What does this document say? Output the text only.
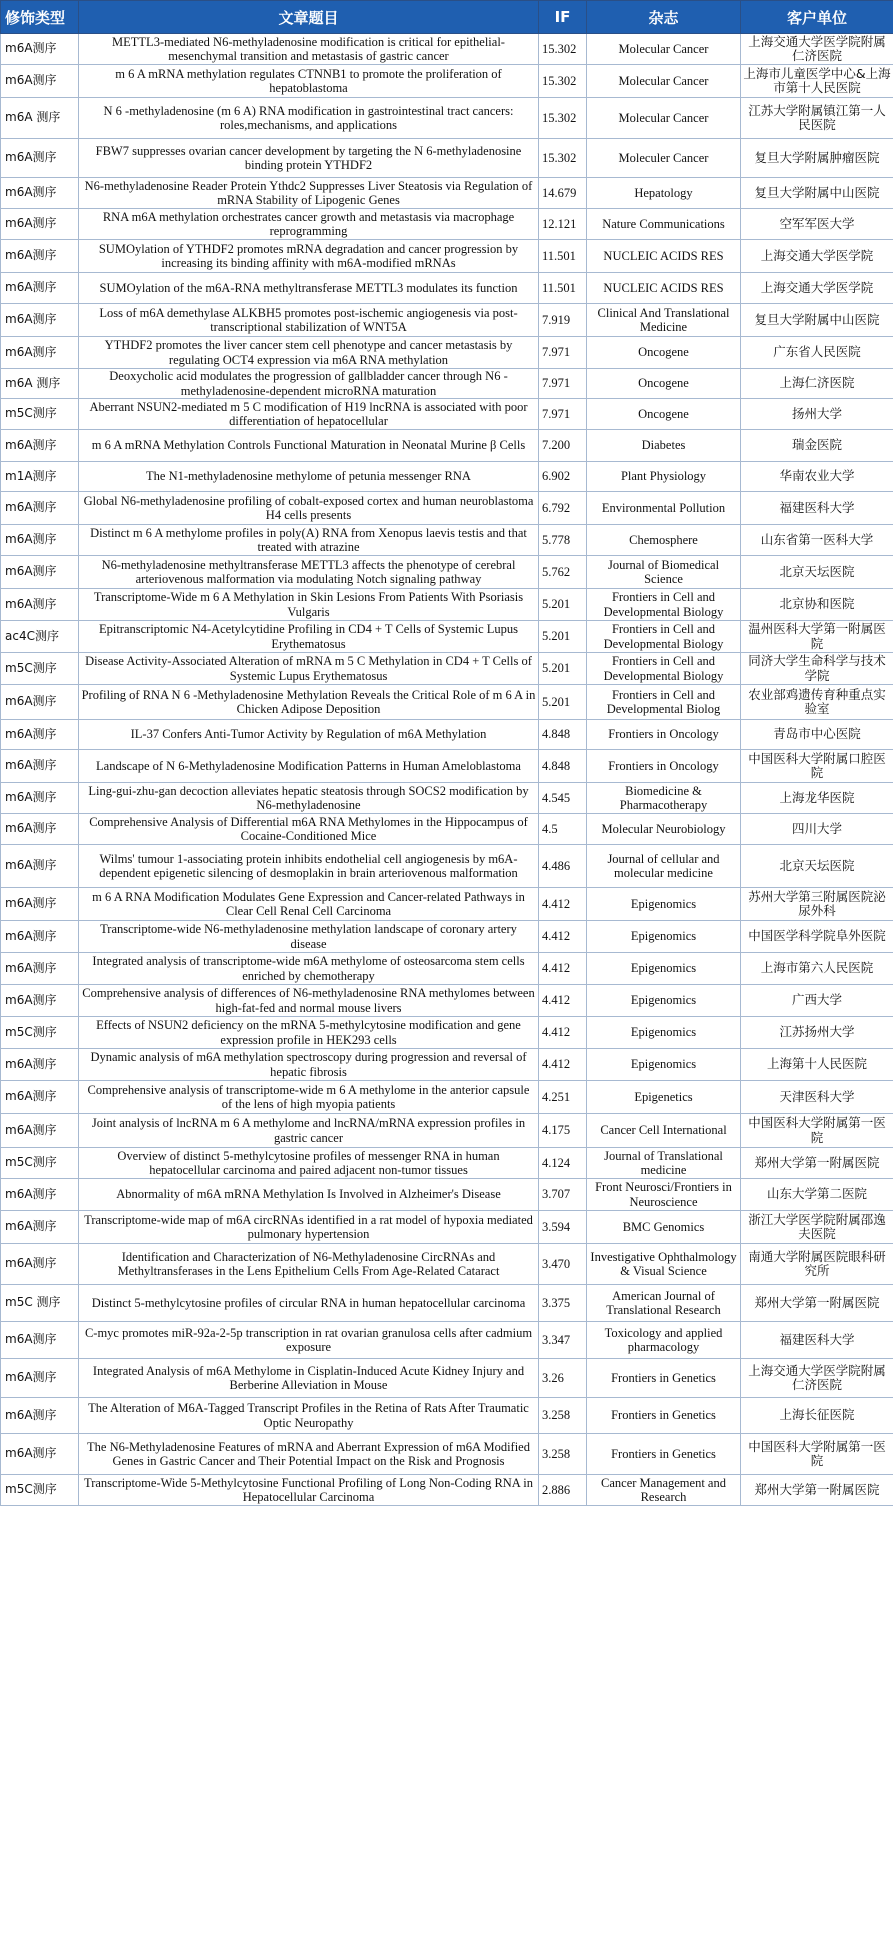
修饰类型	文章题目	IF	杂志	客户单位
m6A测序	METTL3-mediated N6-methyladenosine modification is critical for epithelial-mesenchymal transition and metastasis of gastric cancer	15.302	Molecular Cancer	上海交通大学医学院附属仁济医院
m6A测序	m 6 A mRNA methylation regulates CTNNB1 to promote the proliferation of hepatoblastoma	15.302	Molecular Cancer	上海市儿童医学中心&上海市第十人民医院
m6A 测序	N 6 -methyladenosine (m 6 A) RNA modification in gastrointestinal tract cancers: roles,mechanisms, and applications	15.302	Molecular Cancer	江苏大学附属镇江第一人民医院
m6A测序	FBW7 suppresses ovarian cancer development by targeting the N 6-methyladenosine binding protein YTHDF2	15.302	Moleculer Cancer	复旦大学附属肿瘤医院
m6A测序	N6-methyladenosine Reader Protein Ythdc2 Suppresses Liver Steatosis via Regulation of mRNA Stability of Lipogenic Genes	14.679	Hepatology	复旦大学附属中山医院
m6A测序	RNA m6A methylation orchestrates cancer growth and metastasis via macrophage reprogramming	12.121	Nature Communications	空军军医大学
m6A测序	SUMOylation of YTHDF2 promotes mRNA degradation and cancer progression by increasing its binding affinity with m6A-modified mRNAs	11.501	NUCLEIC ACIDS RES	上海交通大学医学院
m6A测序	SUMOylation of the m6A-RNA methyltransferase METTL3 modulates its function	11.501	NUCLEIC ACIDS RES	上海交通大学医学院
m6A测序	Loss of m6A demethylase ALKBH5 promotes post-ischemic angiogenesis via post-transcriptional stabilization of WNT5A	7.919	Clinical And Translational Medicine	复旦大学附属中山医院
m6A测序	YTHDF2 promotes the liver cancer stem cell phenotype and cancer metastasis by regulating OCT4 expression via m6A RNA methylation	7.971	Oncogene	广东省人民医院
m6A 测序	Deoxycholic acid modulates the progression of gallbladder cancer through N6 -methyladenosine-dependent microRNA maturation	7.971	Oncogene	上海仁济医院
m5C测序	Aberrant NSUN2-mediated m 5 C modification of H19 lncRNA is associated with poor differentiation of hepatocellular	7.971	Oncogene	扬州大学
m6A测序	m 6 A mRNA Methylation Controls Functional Maturation in Neonatal Murine β Cells	7.200	Diabetes	瑞金医院
m1A测序	The N1-methyladenosine methylome of petunia messenger RNA	6.902	Plant Physiology	华南农业大学
m6A测序	Global N6-methyladenosine profiling of cobalt-exposed cortex and human neuroblastoma H4 cells presents	6.792	Environmental Pollution	福建医科大学
m6A测序	Distinct m 6 A methylome profiles in poly(A) RNA from Xenopus laevis testis and that treated with atrazine	5.778	Chemosphere	山东省第一医科大学
m6A测序	N6-methyladenosine methyltransferase METTL3 affects the phenotype of cerebral arteriovenous malformation via modulating Notch signaling pathway	5.762	Journal of Biomedical Science	北京天坛医院
m6A测序	Transcriptome-Wide m 6 A Methylation in Skin Lesions From Patients With Psoriasis Vulgaris	5.201	Frontiers in Cell and Developmental Biology	北京协和医院
ac4C测序	Epitranscriptomic N4-Acetylcytidine Profiling in CD4 + T Cells of Systemic Lupus Erythematosus	5.201	Frontiers in Cell and Developmental Biology	温州医科大学第一附属医院
m5C测序	Disease Activity-Associated Alteration of mRNA m 5 C Methylation in CD4 + T Cells of Systemic Lupus Erythematosus	5.201	Frontiers in Cell and Developmental Biology	同济大学生命科学与技术学院
m6A测序	Profiling of RNA N 6 -Methyladenosine Methylation Reveals the Critical Role of m 6 A in Chicken Adipose Deposition	5.201	Frontiers in Cell and Developmental Biolog	农业部鸡遗传育种重点实验室
m6A测序	IL-37 Confers Anti-Tumor Activity by Regulation of m6A Methylation	4.848	Frontiers in Oncology	青岛市中心医院
m6A测序	Landscape of N 6-Methyladenosine Modification Patterns in Human Ameloblastoma	4.848	Frontiers in Oncology	中国医科大学附属口腔医院
m6A测序	Ling-gui-zhu-gan decoction alleviates hepatic steatosis through SOCS2 modification by N6-methyladenosine	4.545	Biomedicine & Pharmacotherapy	上海龙华医院
m6A测序	Comprehensive Analysis of Differential m6A RNA Methylomes in the Hippocampus of Cocaine-Conditioned Mice	4.5	Molecular Neurobiology	四川大学
m6A测序	Wilms' tumour 1-associating protein inhibits endothelial cell angiogenesis by m6A-dependent epigenetic silencing of desmoplakin in brain arteriovenous malformation	4.486	Journal of cellular and molecular medicine	北京天坛医院
m6A测序	m 6 A RNA Modification Modulates Gene Expression and Cancer-related Pathways in Clear Cell Renal Cell Carcinoma	4.412	Epigenomics	苏州大学第三附属医院泌尿外科
m6A测序	Transcriptome-wide N6-methyladenosine methylation landscape of coronary artery disease	4.412	Epigenomics	中国医学科学院阜外医院
m6A测序	Integrated analysis of transcriptome-wide m6A methylome of osteosarcoma stem cells enriched by chemotherapy	4.412	Epigenomics	上海市第六人民医院
m6A测序	Comprehensive analysis of differences of N6-methyladenosine RNA methylomes between high-fat-fed and normal mouse livers	4.412	Epigenomics	广西大学
m5C测序	Effects of NSUN2 deficiency on the mRNA 5-methylcytosine modification and gene expression profile in HEK293 cells	4.412	Epigenomics	江苏扬州大学
m6A测序	Dynamic analysis of m6A methylation spectroscopy during progression and reversal of hepatic fibrosis	4.412	Epigenomics	上海第十人民医院
m6A测序	Comprehensive analysis of transcriptome-wide m 6 A methylome in the anterior capsule of the lens of high myopia patients	4.251	Epigenetics	天津医科大学
m6A测序	Joint analysis of lncRNA m 6 A methylome and lncRNA/mRNA expression profiles in gastric cancer	4.175	Cancer Cell International	中国医科大学附属第一医院
m5C测序	Overview of distinct 5-methylcytosine profiles of messenger RNA in human hepatocellular carcinoma and paired adjacent non-tumor tissues	4.124	Journal of Translational medicine	郑州大学第一附属医院
m6A测序	Abnormality of m6A mRNA Methylation Is Involved in Alzheimer's Disease	3.707	Front Neurosci/Frontiers in Neuroscience	山东大学第二医院
m6A测序	Transcriptome-wide map of m6A circRNAs identified in a rat model of hypoxia mediated pulmonary hypertension	3.594	BMC Genomics	浙江大学医学院附属邵逸夫医院
m6A测序	Identification and Characterization of N6-Methyladenosine CircRNAs and Methyltransferases in the Lens Epithelium Cells From Age-Related Cataract	3.470	Investigative Ophthalmology & Visual Science	南通大学附属医院眼科研究所
m5C 测序	Distinct 5-methylcytosine profiles of circular RNA in human hepatocellular carcinoma	3.375	American Journal of Translational Research	郑州大学第一附属医院
m6A测序	C-myc promotes miR-92a-2-5p transcription in rat ovarian granulosa cells after cadmium exposure	3.347	Toxicology and applied pharmacology	福建医科大学
m6A测序	Integrated Analysis of m6A Methylome in Cisplatin-Induced Acute Kidney Injury and Berberine Alleviation in Mouse	3.26	Frontiers in Genetics	上海交通大学医学院附属仁济医院
m6A测序	The Alteration of M6A-Tagged Transcript Profiles in the Retina of Rats After Traumatic Optic Neuropathy	3.258	Frontiers in Genetics	上海长征医院
m6A测序	The N6-Methyladenosine Features of mRNA and Aberrant Expression of m6A Modified Genes in Gastric Cancer and Their Potential Impact on the Risk and Prognosis	3.258	Frontiers in Genetics	中国医科大学附属第一医院
m5C测序	Transcriptome-Wide 5-Methylcytosine Functional Profiling of Long Non-Coding RNA in Hepatocellular Carcinoma	2.886	Cancer Management and Research	郑州大学第一附属医院
